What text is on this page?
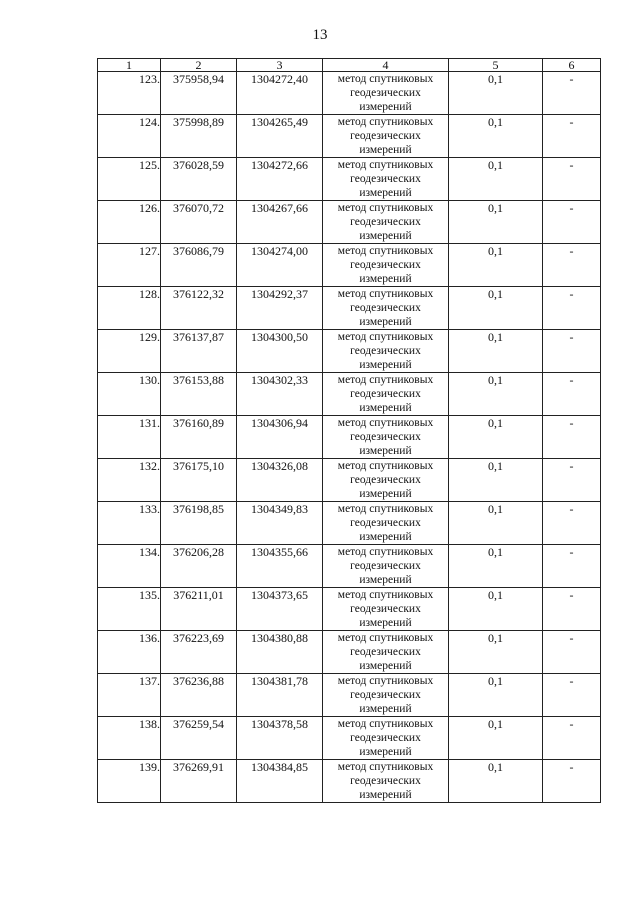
13
1	2	3	4	5	6
123.	375958,94	1304272,40	метод спутниковых
геодезических
измерений	0,1	-
124.	375998,89	1304265,49	метод спутниковых
геодезических
измерений	0,1	-
125.	376028,59	1304272,66	метод спутниковых
геодезических
измерений	0,1	-
126.	376070,72	1304267,66	метод спутниковых
геодезических
измерений	0,1	-
127.	376086,79	1304274,00	метод спутниковых
геодезических
измерений	0,1	-
128.	376122,32	1304292,37	метод спутниковых
геодезических
измерений	0,1	-
129.	376137,87	1304300,50	метод спутниковых
геодезических
измерений	0,1	-
130.	376153,88	1304302,33	метод спутниковых
геодезических
измерений	0,1	-
131.	376160,89	1304306,94	метод спутниковых
геодезических
измерений	0,1	-
132.	376175,10	1304326,08	метод спутниковых
геодезических
измерений	0,1	-
133.	376198,85	1304349,83	метод спутниковых
геодезических
измерений	0,1	-
134.	376206,28	1304355,66	метод спутниковых
геодезических
измерений	0,1	-
135.	376211,01	1304373,65	метод спутниковых
геодезических
измерений	0,1	-
136.	376223,69	1304380,88	метод спутниковых
геодезических
измерений	0,1	-
137.	376236,88	1304381,78	метод спутниковых
геодезических
измерений	0,1	-
138.	376259,54	1304378,58	метод спутниковых
геодезических
измерений	0,1	-
139.	376269,91	1304384,85	метод спутниковых
геодезических
измерений	0,1	-
